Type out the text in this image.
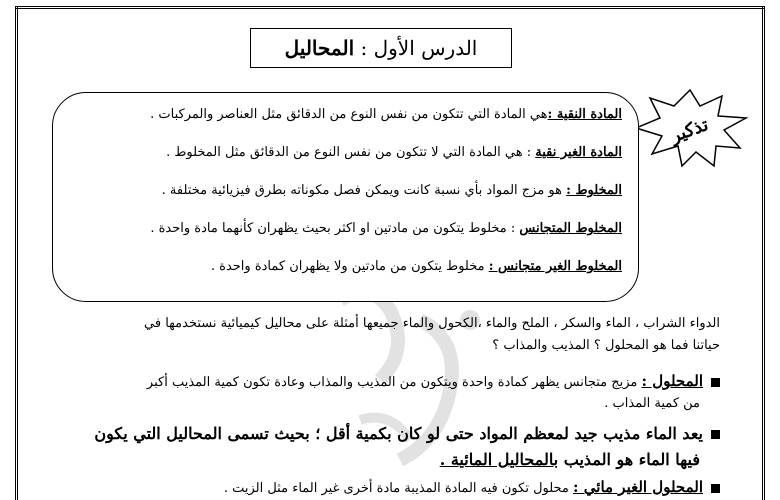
الدرس الأول :

المحاليل
تذكير
المادة النقية :هي المادة التي تتكون من نفس النوع من الدقائق مثل العناصر والمركبات .
المادة الغير نقية : هي المادة التي لا تتكون من نفس النوع من الدقائق مثل المخلوط .
المخلوط : هو مزج المواد بأي نسبة كانت ويمكن فصل مكوناته بطرق فيزيائية مختلفة .
المخلوط المتجانس : مخلوط يتكون من مادتين او اكثر بحيث يظهران كأنهما مادة واحدة .
المخلوط الغير متجانس : مخلوط يتكون من مادتين ولا يظهران كمادة واحدة .
الدواء الشراب ، الماء والسكر ، الملح والماء ،الكحول والماء جميعها أمثلة على محاليل كيميائية نستخدمها في
حياتنا فما هو المحلول ؟ المذيب والمذاب ؟
المحلول : مزيج متجانس يظهر كمادة واحدة ويتكون من المذيب والمذاب وعادة تكون كمية المذيب أكبر
من كمية المذاب .
يعد الماء مذيب جيد لمعظم المواد حتى لو كان بكمية أقل ؛ بحيث تسمى المحاليل التي يكون
فيها الماء هو المذيب بالمحاليل المائية .
المحلول الغير مائي : محلول تكون فيه المادة المذيبة مادة أخرى غير الماء مثل الزيت .
